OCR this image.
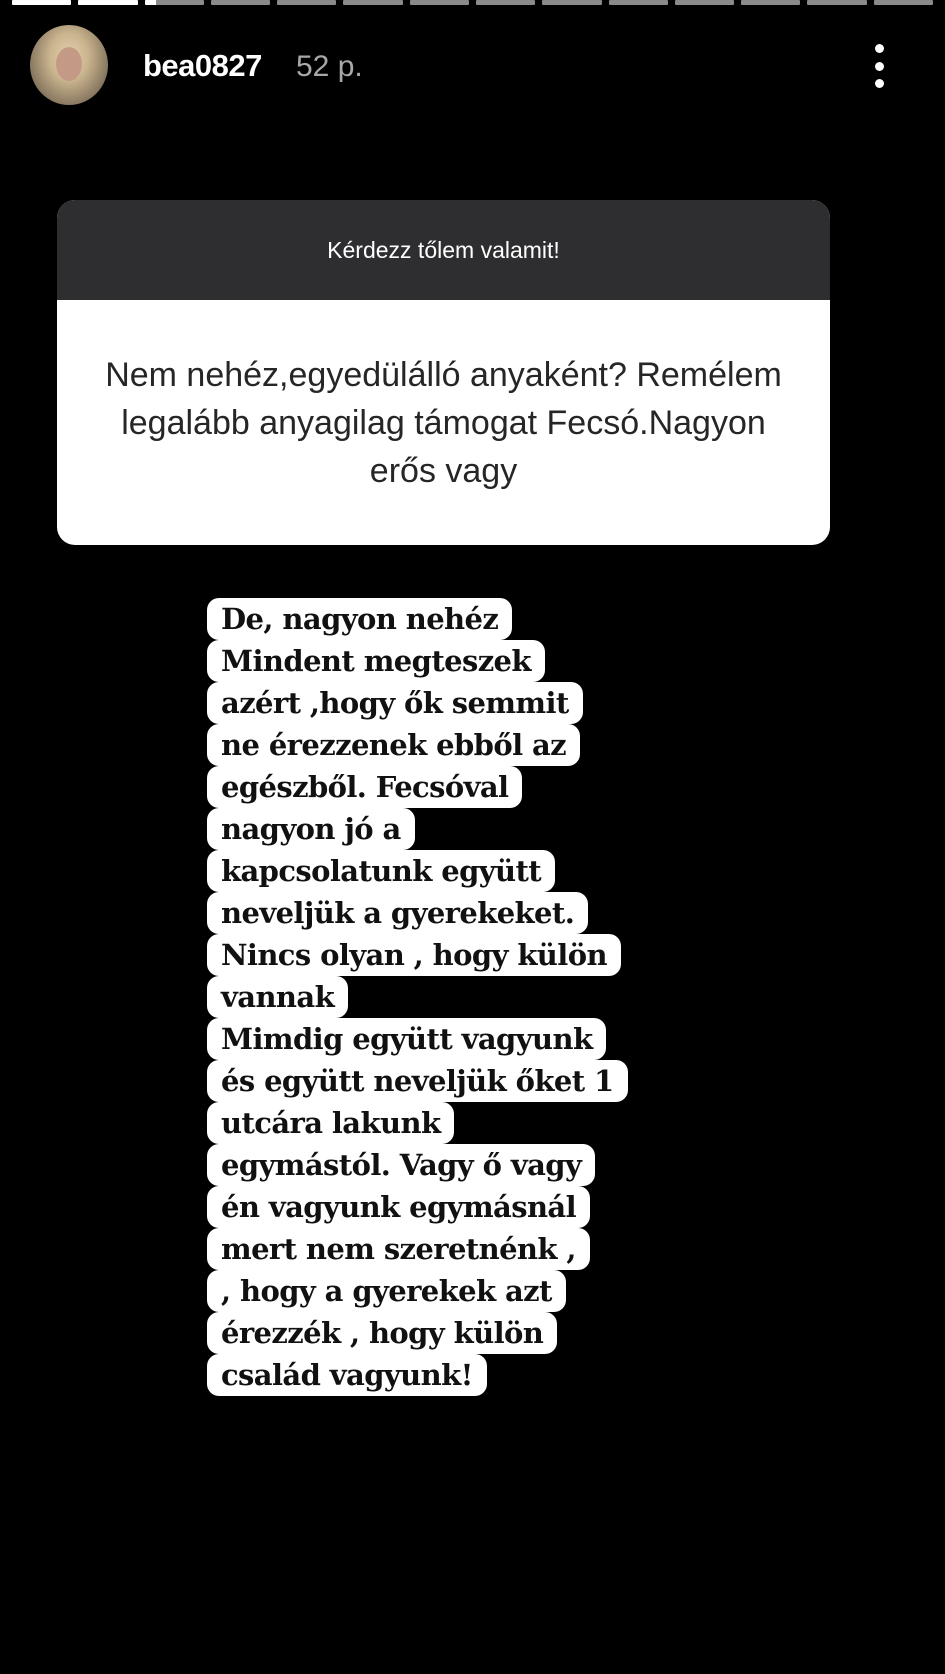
bea0827 52 p.
Kérdezz tőlem valamit!
Nem nehéz,egyedülálló anyaként? Remélem legalább anyagilag támogat Fecsó.Nagyon erős vagy
De, nagyon nehéz
Mindent megteszek
azért ,hogy ők semmit
ne érezzenek ebből az
egészből. Fecsóval
nagyon jó a
kapcsolatunk együtt
neveljük a gyerekeket.
Nincs olyan , hogy külön
vannak
Mimdig együtt vagyunk
és együtt neveljük őket 1
utcára lakunk
egymástól. Vagy ő vagy
én vagyunk egymásnál
mert nem szeretnénk ,
, hogy a gyerekek azt
érezzék , hogy külön
család vagyunk!
